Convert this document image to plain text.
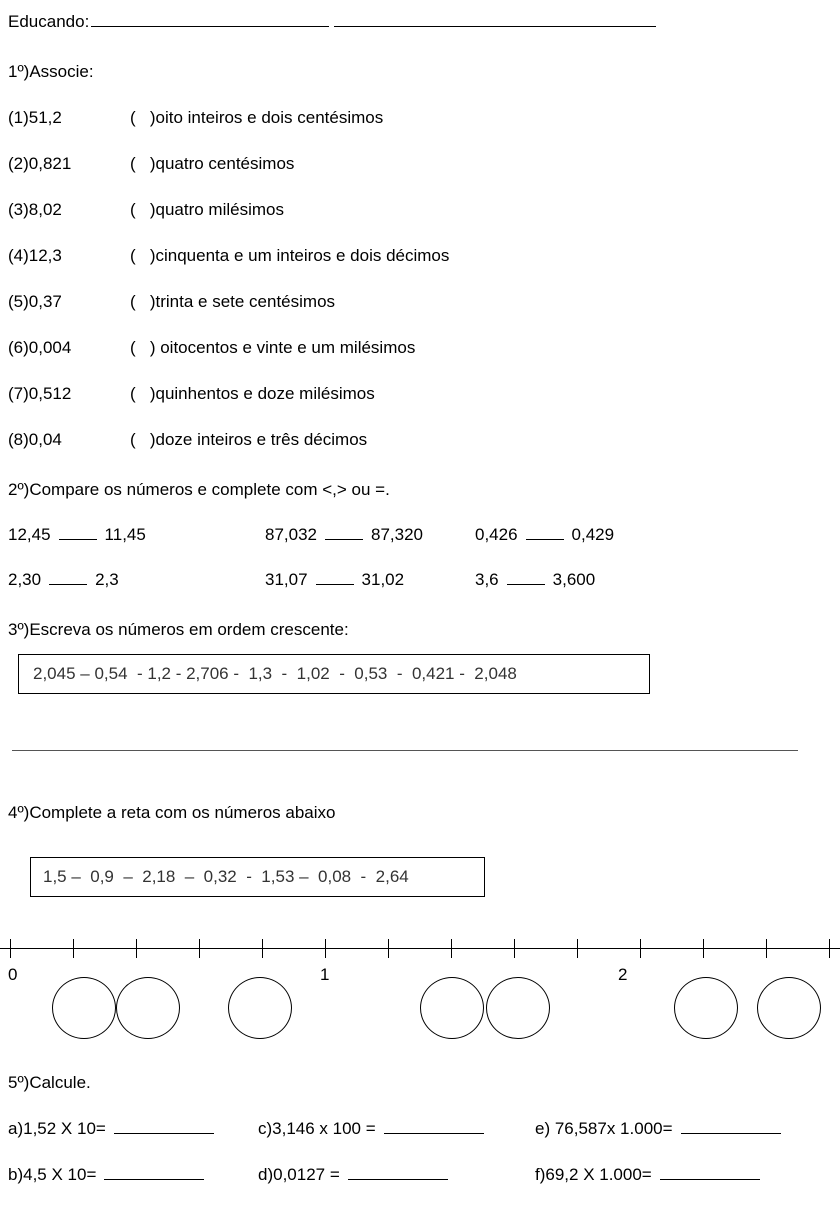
Educando:
1º)Associe:
(1)51,2	(   ) oito inteiros e dois centésimos
(2)0,821	(   ) quatro centésimos
(3)8,02	(   ) quatro milésimos
(4)12,3	(   ) cinquenta e um inteiros e dois décimos
(5)0,37	(   ) trinta e sete centésimos
(6)0,004	(   ) oitocentos e vinte e um milésimos
(7)0,512	(   ) quinhentos e doze milésimos
(8)0,04	(   ) doze inteiros e três décimos
2º)Compare os números e complete com <,> ou =.
12,45	11,45	87,032	87,320	0,426	0,429
2,30	2,3	31,07	31,02	3,6	3,600
3º)Escreva os números em ordem crescente:
2,045 – 0,54  - 1,2 - 2,706 -  1,3  -  1,02  -  0,53  -  0,421 -  2,048
4º)Complete a reta com os números abaixo
1,5 –  0,9  –  2,18  –  0,32  -  1,53 –  0,08  -  2,64
0	1	2
5º)Calcule.
a)1,52 X 10=	c)3,146 x 100 =	e) 76,587x 1.000=
b)4,5 X 10=	d)0,0127 =	f)69,2 X 1.000=
